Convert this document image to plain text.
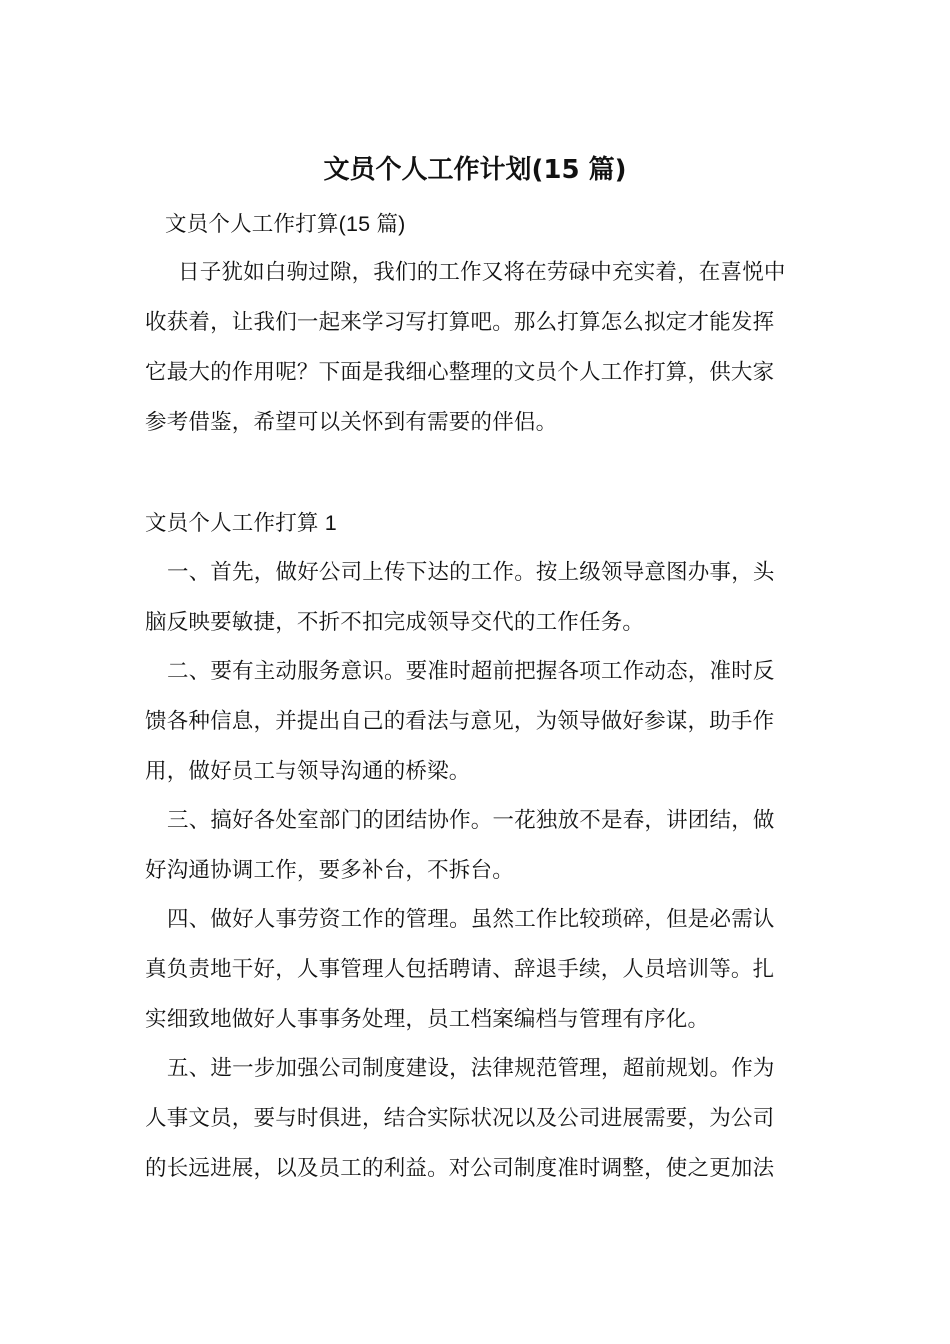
文员个人工作计划(15 篇)
文员个人工作打算(15 篇)
日子犹如白驹过隙，我们的工作又将在劳碌中充实着，在喜悦中
收获着，让我们一起来学习写打算吧。那么打算怎么拟定才能发挥
它最大的作用呢？下面是我细心整理的文员个人工作打算，供大家
参考借鉴，希望可以关怀到有需要的伴侣。
文员个人工作打算 1
一、首先，做好公司上传下达的工作。按上级领导意图办事，头
脑反映要敏捷，不折不扣完成领导交代的工作任务。
二、要有主动服务意识。要准时超前把握各项工作动态，准时反
馈各种信息，并提出自己的看法与意见，为领导做好参谋，助手作
用，做好员工与领导沟通的桥梁。
三、搞好各处室部门的团结协作。一花独放不是春，讲团结，做
好沟通协调工作，要多补台，不拆台。
四、做好人事劳资工作的管理。虽然工作比较琐碎，但是必需认
真负责地干好，人事管理人包括聘请、辞退手续，人员培训等。扎
实细致地做好人事事务处理，员工档案编档与管理有序化。
五、进一步加强公司制度建设，法律规范管理，超前规划。作为
人事文员，要与时俱进，结合实际状况以及公司进展需要，为公司
的长远进展，以及员工的利益。对公司制度准时调整，使之更加法
